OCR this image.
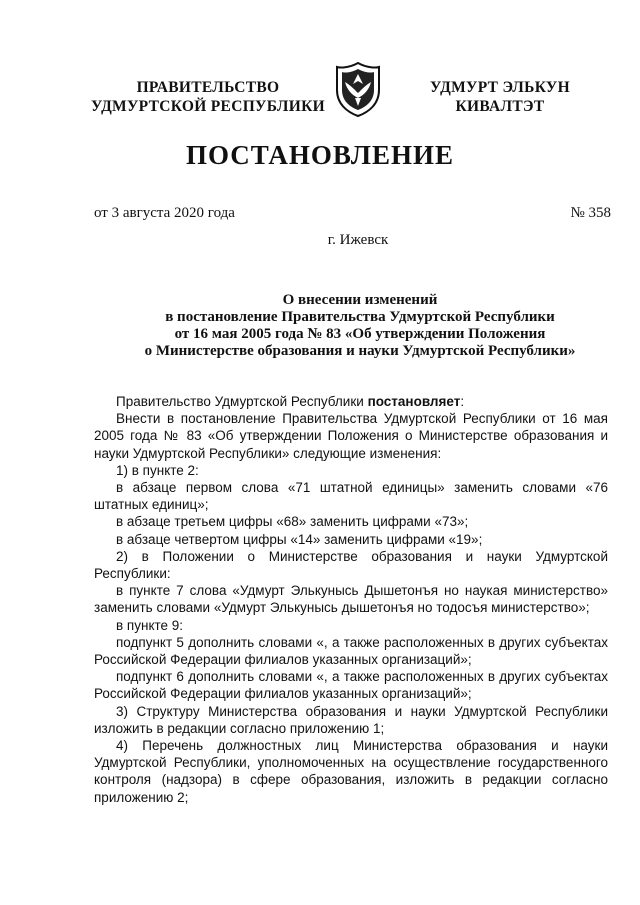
ПРАВИТЕЛЬСТВО
УДМУРТСКОЙ РЕСПУБЛИКИ
УДМУРТ ЭЛЬКУН
КИВАЛТЭТ
ПОСТАНОВЛЕНИЕ
от 3 августа 2020 года	№ 358
г. Ижевск
О внесении изменений
в постановление Правительства Удмуртской Республики
от 16 мая 2005 года № 83 «Об утверждении Положения
о Министерстве образования и науки Удмуртской Республики»

Правительство Удмуртской Республики постановляет:

Внести в постановление Правительства Удмуртской Республики от 16 мая 2005 года № 83 «Об утверждении Положения о Министерстве образования и науки Удмуртской Республики» следующие изменения:

1) в пункте 2:

в абзаце первом слова «71 штатной единицы» заменить словами «76 штатных единиц»;

в абзаце третьем цифры «68» заменить цифрами «73»;

в абзаце четвертом цифры «14» заменить цифрами «19»;

2) в Положении о Министерстве образования и науки Удмуртской Республики:

в пункте 7 слова «Удмурт Элькунысь Дышетонъя но наукая министерство» заменить словами «Удмурт Элькунысь дышетонъя но тодосъя министерство»;

в пункте 9:

подпункт 5 дополнить словами «, а также расположенных в других субъектах Российской Федерации филиалов указанных организаций»;

подпункт 6 дополнить словами «, а также расположенных в других субъектах Российской Федерации филиалов указанных организаций»;

3) Структуру Министерства образования и науки Удмуртской Республики изложить в редакции согласно приложению 1;

4) Перечень должностных лиц Министерства образования и науки Удмуртской Республики, уполномоченных на осуществление государственного контроля (надзора) в сфере образования, изложить в редакции согласно приложению 2;
